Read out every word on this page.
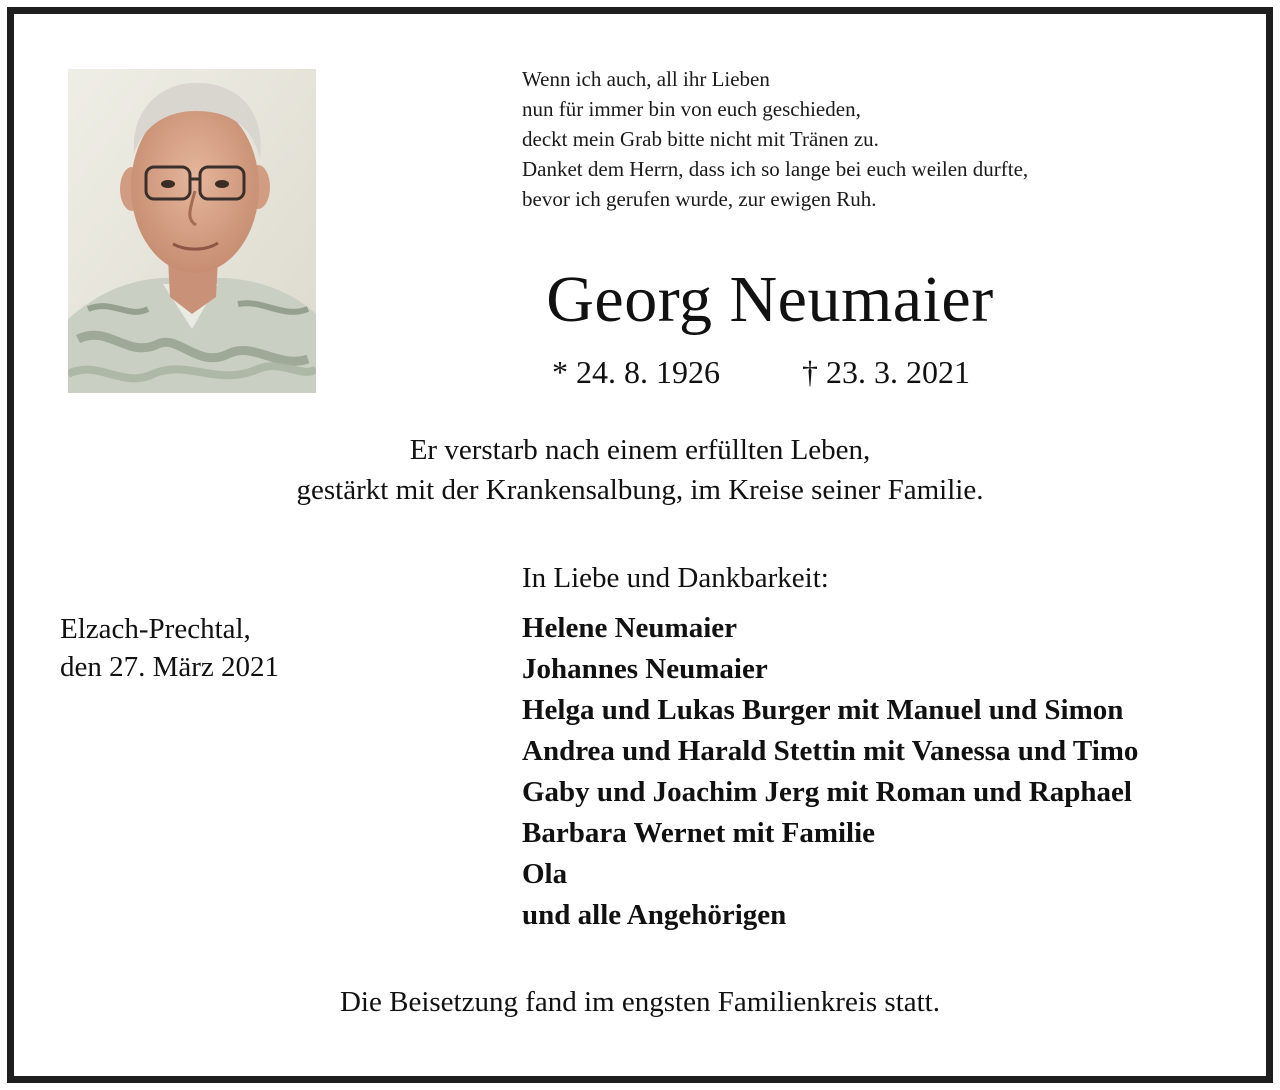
Wenn ich auch, all ihr Lieben
nun für immer bin von euch geschieden,
deckt mein Grab bitte nicht mit Tränen zu.
Danket dem Herrn, dass ich so lange bei euch weilen durfte,
bevor ich gerufen wurde, zur ewigen Ruh.
Georg Neumaier
* 24. 8. 1926	† 23. 3. 2021
Er verstarb nach einem erfüllten Leben,
gestärkt mit der Krankensalbung, im Kreise seiner Familie.
In Liebe und Dankbarkeit:
Elzach-Prechtal,
den 27. März 2021
Helene Neumaier
Johannes Neumaier
Helga und Lukas Burger mit Manuel und Simon
Andrea und Harald Stettin mit Vanessa und Timo
Gaby und Joachim Jerg mit Roman und Raphael
Barbara Wernet mit Familie
Ola
und alle Angehörigen
Die Beisetzung fand im engsten Familienkreis statt.
